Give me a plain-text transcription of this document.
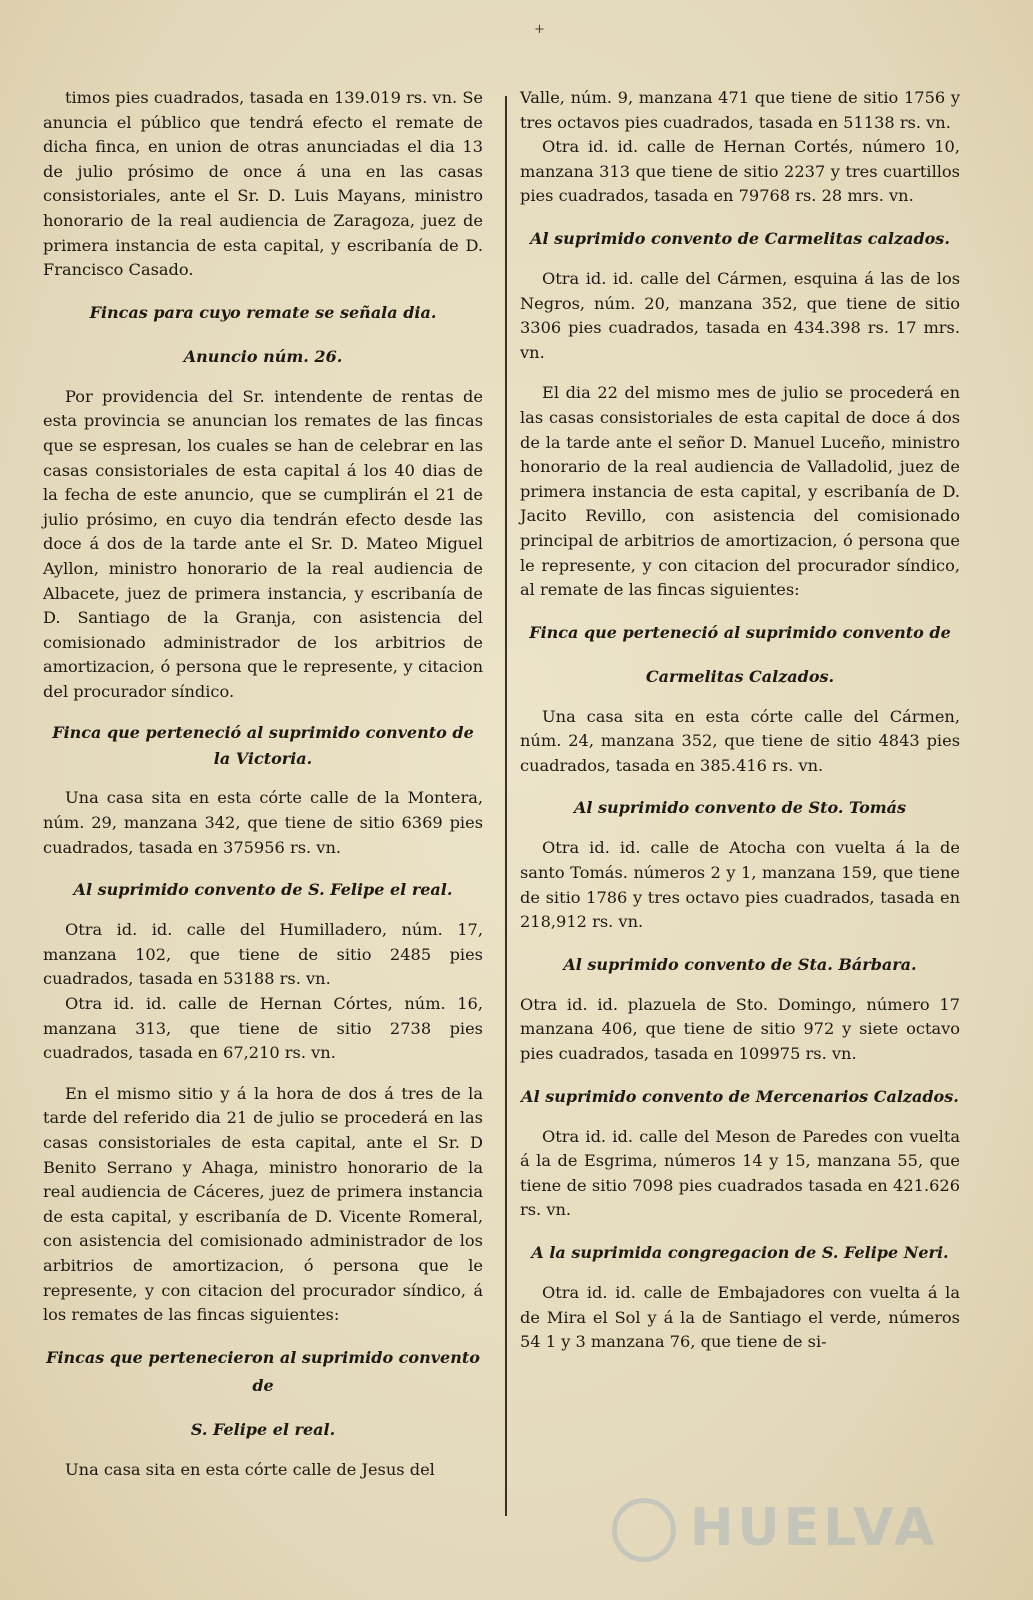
+

timos pies cuadrados, tasada en 139.019 rs. vn. Se anuncia el público que tendrá efecto el remate de dicha finca, en union de otras anunciadas el dia 13 de julio prósimo de once á una en las casas consistoriales, ante el Sr. D. Luis Mayans, ministro honorario de la real audiencia de Zaragoza, juez de primera instancia de esta capital, y escribanía de D. Francisco Casado.

Fincas para cuyo remate se señala dia.
Anuncio núm. 26.

Por providencia del Sr. intendente de rentas de esta provincia se anuncian los remates de las fincas que se espresan, los cuales se han de celebrar en las casas consistoriales de esta capital á los 40 dias de la fecha de este anuncio, que se cumplirán el 21 de julio prósimo, en cuyo dia tendrán efecto desde las doce á dos de la tarde ante el Sr. D. Mateo Miguel Ayllon, ministro honorario de la real audiencia de Albacete, juez de primera instancia, y escribanía de D. Santiago de la Granja, con asistencia del comisionado administrador de los arbitrios de amortizacion, ó persona que le represente, y citacion del procurador síndico.

Finca que perteneció al suprimido convento de la Victoria.

Una casa sita en esta córte calle de la Montera, núm. 29, manzana 342, que tiene de sitio 6369 pies cuadrados, tasada en 375956 rs. vn.

Al suprimido convento de S. Felipe el real.

Otra id. id. calle del Humilladero, núm. 17, manzana 102, que tiene de sitio 2485 pies cuadrados, tasada en 53188 rs. vn.

Otra id. id. calle de Hernan Córtes, núm. 16, manzana 313, que tiene de sitio 2738 pies cuadrados, tasada en 67,210 rs. vn.

En el mismo sitio y á la hora de dos á tres de la tarde del referido dia 21 de julio se procederá en las casas consistoriales de esta capital, ante el Sr. D Benito Serrano y Ahaga, ministro honorario de la real audiencia de Cáceres, juez de primera instancia de esta capital, y escribanía de D. Vicente Romeral, con asistencia del comisionado administrador de los arbitrios de amortizacion, ó persona que le represente, y con citacion del procurador síndico, á los remates de las fincas siguientes:

Fincas que pertenecieron al suprimido convento de
S. Felipe el real.

Una casa sita en esta córte calle de Jesus del

Valle, núm. 9, manzana 471 que tiene de sitio 1756 y tres octavos pies cuadrados, tasada en 51138 rs. vn.

Otra id. id. calle de Hernan Cortés, número 10, manzana 313 que tiene de sitio 2237 y tres cuartillos pies cuadrados, tasada en 79768 rs. 28 mrs. vn.

Al suprimido convento de Carmelitas calzados.

Otra id. id. calle del Cármen, esquina á las de los Negros, núm. 20, manzana 352, que tiene de sitio 3306 pies cuadrados, tasada en 434.398 rs. 17 mrs. vn.

El dia 22 del mismo mes de julio se procederá en las casas consistoriales de esta capital de doce á dos de la tarde ante el señor D. Manuel Luceño, ministro honorario de la real audiencia de Valladolid, juez de primera instancia de esta capital, y escribanía de D. Jacito Revillo, con asistencia del comisionado principal de arbitrios de amortizacion, ó persona que le represente, y con citacion del procurador síndico, al remate de las fincas siguientes:

Finca que perteneció al suprimido convento de
Carmelitas Calzados.

Una casa sita en esta córte calle del Cármen, núm. 24, manzana 352, que tiene de sitio 4843 pies cuadrados, tasada en 385.416 rs. vn.

Al suprimido convento de Sto. Tomás

Otra id. id. calle de Atocha con vuelta á la de santo Tomás. números 2 y 1, manzana 159, que tiene de sitio 1786 y tres octavo pies cuadrados, tasada en 218,912 rs. vn.

Al suprimido convento de Sta. Bárbara.

Otra id. id. plazuela de Sto. Domingo, número 17 manzana 406, que tiene de sitio 972 y siete octavo pies cuadrados, tasada en 109975 rs. vn.

Al suprimido convento de Mercenarios Calzados.

Otra id. id. calle del Meson de Paredes con vuelta á la de Esgrima, números 14 y 15, manzana 55, que tiene de sitio 7098 pies cuadrados tasada en 421.626 rs. vn.

A la suprimida congregacion de S. Felipe Neri.

Otra id. id. calle de Embajadores con vuelta á la de Mira el Sol y á la de Santiago el verde, números 54 1 y 3 manzana 76, que tiene de si-

HUELVA
